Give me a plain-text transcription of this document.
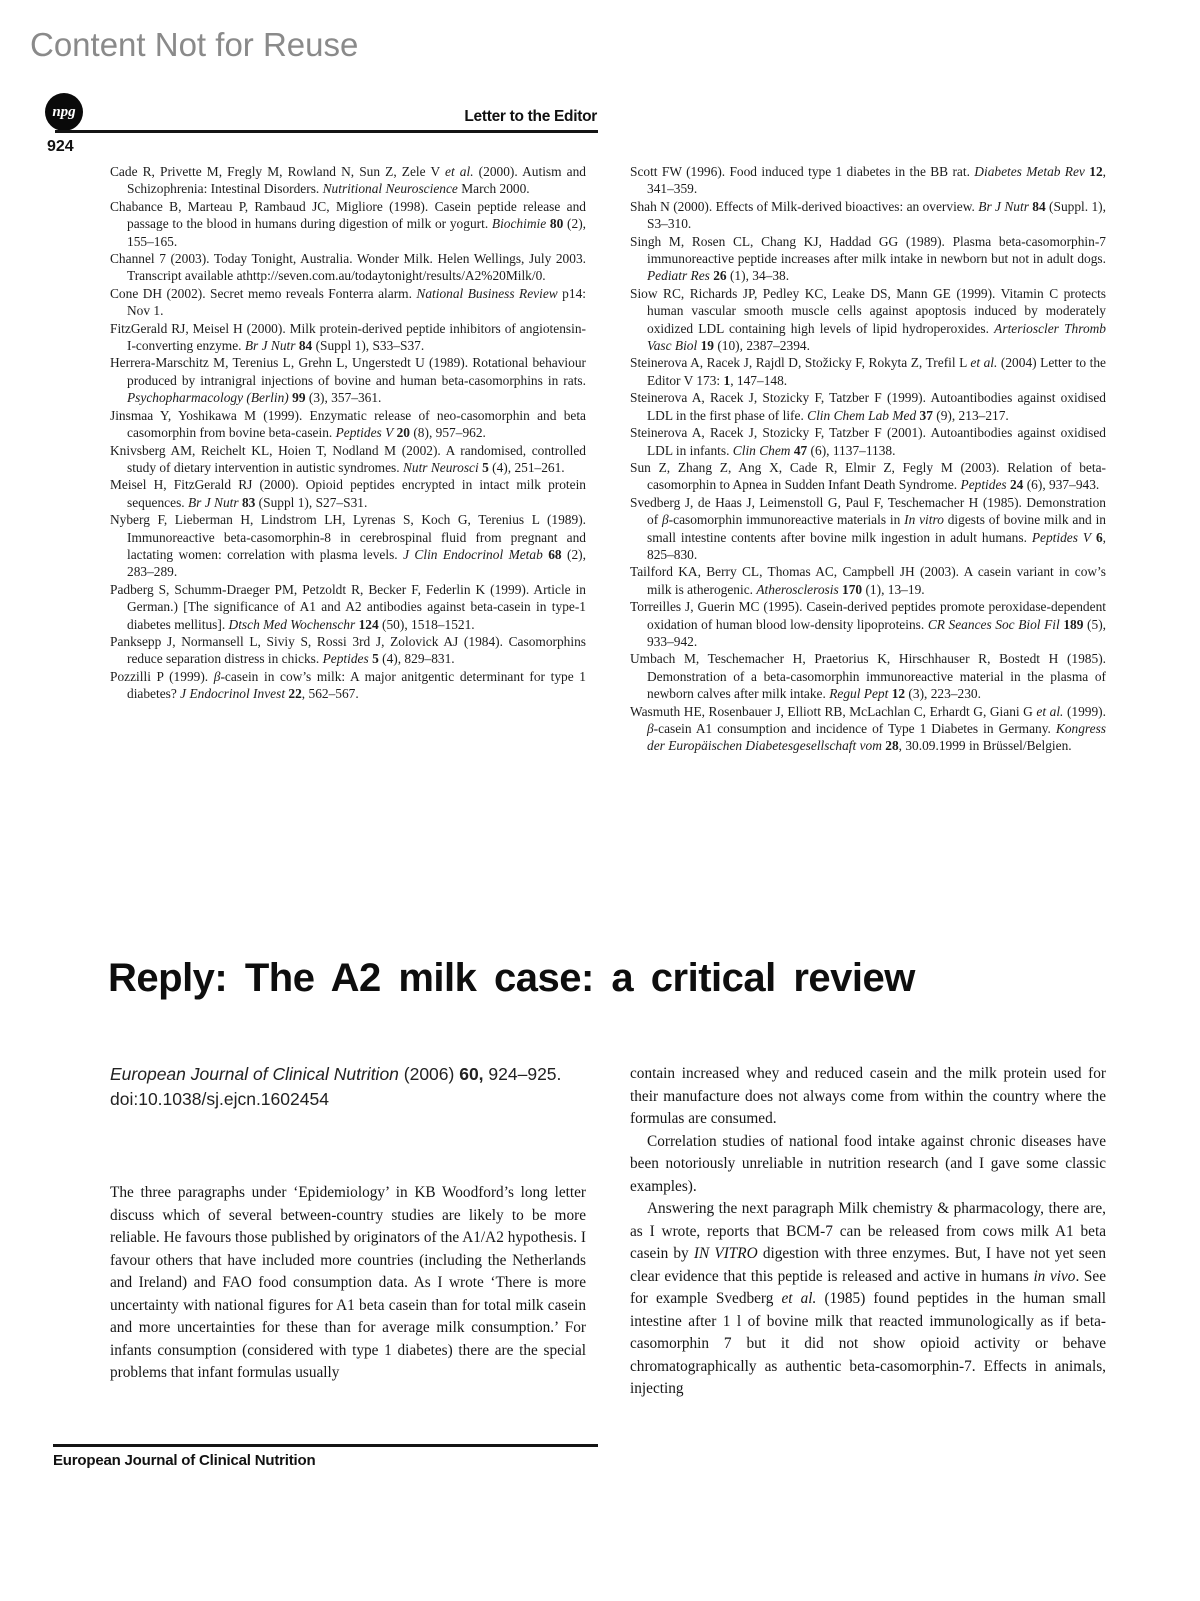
Content Not for Reuse
npg	Letter to the Editor
924

Cade R, Privette M, Fregly M, Rowland N, Sun Z, Zele V et al. (2000). Autism and Schizophrenia: Intestinal Disorders. Nutritional Neuroscience March 2000.

Chabance B, Marteau P, Rambaud JC, Migliore (1998). Casein peptide release and passage to the blood in humans during digestion of milk or yogurt. Biochimie 80 (2), 155–165.

Channel 7 (2003). Today Tonight, Australia. Wonder Milk. Helen Wellings, July 2003. Transcript available athttp://seven.com.au/todaytonight/results/A2%20Milk/0.

Cone DH (2002). Secret memo reveals Fonterra alarm. National Business Review p14: Nov 1.

FitzGerald RJ, Meisel H (2000). Milk protein-derived peptide inhibitors of angiotensin-I-converting enzyme. Br J Nutr 84 (Suppl 1), S33–S37.

Herrera-Marschitz M, Terenius L, Grehn L, Ungerstedt U (1989). Rotational behaviour produced by intranigral injections of bovine and human beta-casomorphins in rats. Psychopharmacology (Berlin) 99 (3), 357–361.

Jinsmaa Y, Yoshikawa M (1999). Enzymatic release of neo-casomorphin and beta casomorphin from bovine beta-casein. Peptides V 20 (8), 957–962.

Knivsberg AM, Reichelt KL, Hoien T, Nodland M (2002). A randomised, controlled study of dietary intervention in autistic syndromes. Nutr Neurosci 5 (4), 251–261.

Meisel H, FitzGerald RJ (2000). Opioid peptides encrypted in intact milk protein sequences. Br J Nutr 83 (Suppl 1), S27–S31.

Nyberg F, Lieberman H, Lindstrom LH, Lyrenas S, Koch G, Terenius L (1989). Immunoreactive beta-casomorphin-8 in cerebrospinal fluid from pregnant and lactating women: correlation with plasma levels. J Clin Endocrinol Metab 68 (2), 283–289.

Padberg S, Schumm-Draeger PM, Petzoldt R, Becker F, Federlin K (1999). Article in German.) [The significance of A1 and A2 antibodies against beta-casein in type-1 diabetes mellitus]. Dtsch Med Wochenschr 124 (50), 1518–1521.

Panksepp J, Normansell L, Siviy S, Rossi 3rd J, Zolovick AJ (1984). Casomorphins reduce separation distress in chicks. Peptides 5 (4), 829–831.

Pozzilli P (1999). β-casein in cow’s milk: A major anitgentic determinant for type 1 diabetes? J Endocrinol Invest 22, 562–567.

Scott FW (1996). Food induced type 1 diabetes in the BB rat. Diabetes Metab Rev 12, 341–359.

Shah N (2000). Effects of Milk-derived bioactives: an overview. Br J Nutr 84 (Suppl. 1), S3–310.

Singh M, Rosen CL, Chang KJ, Haddad GG (1989). Plasma beta-casomorphin-7 immunoreactive peptide increases after milk intake in newborn but not in adult dogs. Pediatr Res 26 (1), 34–38.

Siow RC, Richards JP, Pedley KC, Leake DS, Mann GE (1999). Vitamin C protects human vascular smooth muscle cells against apoptosis induced by moderately oxidized LDL containing high levels of lipid hydroperoxides. Arterioscler Thromb Vasc Biol 19 (10), 2387–2394.

Steinerova A, Racek J, Rajdl D, Stožicky F, Rokyta Z, Trefil L et al. (2004) Letter to the Editor V 173: 1, 147–148.

Steinerova A, Racek J, Stozicky F, Tatzber F (1999). Autoantibodies against oxidised LDL in the first phase of life. Clin Chem Lab Med 37 (9), 213–217.

Steinerova A, Racek J, Stozicky F, Tatzber F (2001). Autoantibodies against oxidised LDL in infants. Clin Chem 47 (6), 1137–1138.

Sun Z, Zhang Z, Ang X, Cade R, Elmir Z, Fegly M (2003). Relation of beta-casomorphin to Apnea in Sudden Infant Death Syndrome. Peptides 24 (6), 937–943.

Svedberg J, de Haas J, Leimenstoll G, Paul F, Teschemacher H (1985). Demonstration of β-casomorphin immunoreactive materials in In vitro digests of bovine milk and in small intestine contents after bovine milk ingestion in adult humans. Peptides V 6, 825–830.

Tailford KA, Berry CL, Thomas AC, Campbell JH (2003). A casein variant in cow’s milk is atherogenic. Atherosclerosis 170 (1), 13–19.

Torreilles J, Guerin MC (1995). Casein-derived peptides promote peroxidase-dependent oxidation of human blood low-density lipoproteins. CR Seances Soc Biol Fil 189 (5), 933–942.

Umbach M, Teschemacher H, Praetorius K, Hirschhauser R, Bostedt H (1985). Demonstration of a beta-casomorphin immunoreactive material in the plasma of newborn calves after milk intake. Regul Pept 12 (3), 223–230.

Wasmuth HE, Rosenbauer J, Elliott RB, McLachlan C, Erhardt G, Giani G et al. (1999). β-casein A1 consumption and incidence of Type 1 Diabetes in Germany. Kongress der Europäischen Diabetesgesellschaft vom 28, 30.09.1999 in Brüssel/Belgien.

Reply: The A2 milk case: a critical review

European Journal of Clinical Nutrition (2006) 60, 924–925.

doi:10.1038/sj.ejcn.1602454

The three paragraphs under ‘Epidemiology’ in KB Woodford’s long letter discuss which of several between-country studies are likely to be more reliable. He favours those published by originators of the A1/A2 hypothesis. I favour others that have included more countries (including the Netherlands and Ireland) and FAO food consumption data. As I wrote ‘There is more uncertainty with national figures for A1 beta casein than for total milk casein and more uncertainties for these than for average milk consumption.’ For infants consumption (considered with type 1 diabetes) there are the special problems that infant formulas usually

contain increased whey and reduced casein and the milk protein used for their manufacture does not always come from within the country where the formulas are consumed.

Correlation studies of national food intake against chronic diseases have been notoriously unreliable in nutrition research (and I gave some classic examples).

Answering the next paragraph Milk chemistry & pharmacology, there are, as I wrote, reports that BCM-7 can be released from cows milk A1 beta casein by IN VITRO digestion with three enzymes. But, I have not yet seen clear evidence that this peptide is released and active in humans in vivo. See for example Svedberg et al. (1985) found peptides in the human small intestine after 1 l of bovine milk that reacted immunologically as if beta-casomorphin 7 but it did not show opioid activity or behave chromatographically as authentic beta-casomorphin-7. Effects in animals, injecting

European Journal of Clinical Nutrition
